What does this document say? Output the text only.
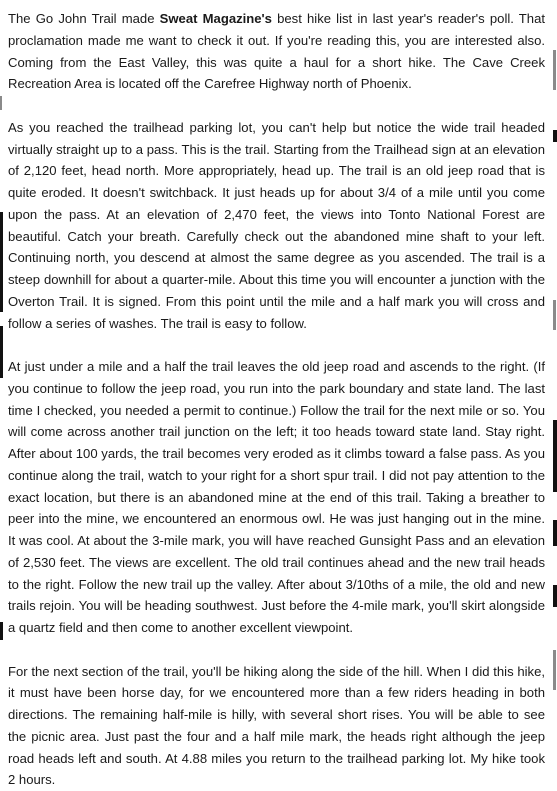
The Go John Trail made Sweat Magazine's best hike list in last year's reader's poll. That proclamation made me want to check it out. If you're reading this, you are interested also. Coming from the East Valley, this was quite a haul for a short hike. The Cave Creek Recreation Area is located off the Carefree Highway north of Phoenix.

As you reached the trailhead parking lot, you can't help but notice the wide trail headed virtually straight up to a pass. This is the trail. Starting from the Trailhead sign at an elevation of 2,120 feet, head north. More appropriately, head up. The trail is an old jeep road that is quite eroded. It doesn't switchback. It just heads up for about 3/4 of a mile until you come upon the pass. At an elevation of 2,470 feet, the views into Tonto National Forest are beautiful. Catch your breath. Carefully check out the abandoned mine shaft to your left. Continuing north, you descend at almost the same degree as you ascended. The trail is a steep downhill for about a quarter-mile. About this time you will encounter a junction with the Overton Trail. It is signed. From this point until the mile and a half mark you will cross and follow a series of washes. The trail is easy to follow.

At just under a mile and a half the trail leaves the old jeep road and ascends to the right. (If you continue to follow the jeep road, you run into the park boundary and state land. The last time I checked, you needed a permit to continue.) Follow the trail for the next mile or so. You will come across another trail junction on the left; it too heads toward state land. Stay right. After about 100 yards, the trail becomes very eroded as it climbs toward a false pass. As you continue along the trail, watch to your right for a short spur trail. I did not pay attention to the exact location, but there is an abandoned mine at the end of this trail. Taking a breather to peer into the mine, we encountered an enormous owl. He was just hanging out in the mine. It was cool. At about the 3-mile mark, you will have reached Gunsight Pass and an elevation of 2,530 feet. The views are excellent. The old trail continues ahead and the new trail heads to the right. Follow the new trail up the valley. After about 3/10ths of a mile, the old and new trails rejoin. You will be heading southwest. Just before the 4-mile mark, you'll skirt alongside a quartz field and then come to another excellent viewpoint.

For the next section of the trail, you'll be hiking along the side of the hill. When I did this hike, it must have been horse day, for we encountered more than a few riders heading in both directions. The remaining half-mile is hilly, with several short rises. You will be able to see the picnic area. Just past the four and a half mile mark, the heads right although the jeep road heads left and south. At 4.88 miles you return to the trailhead parking lot. My hike took 2 hours.
